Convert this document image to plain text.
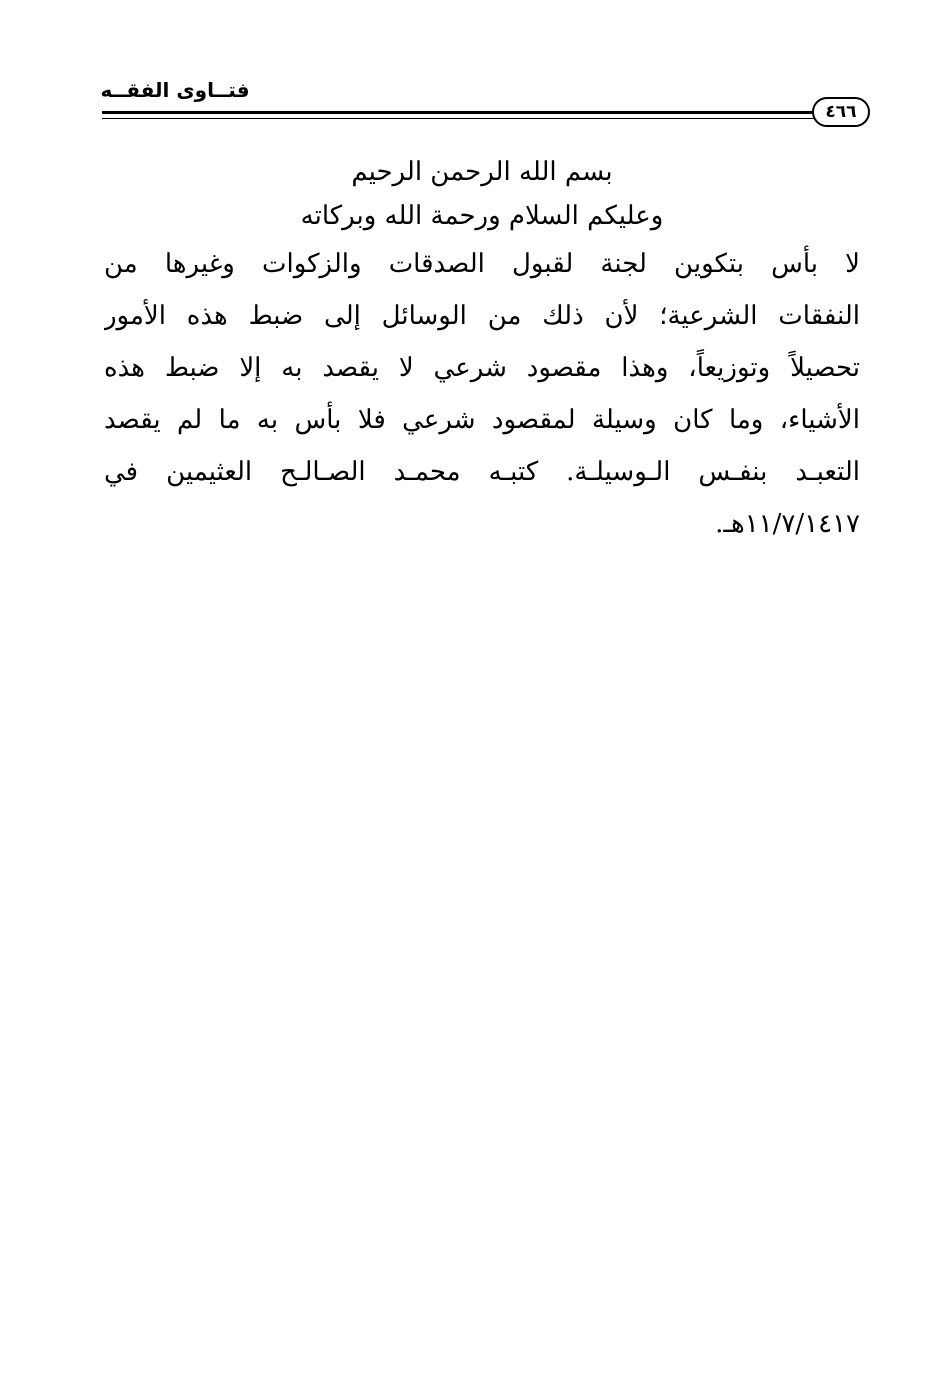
فتــاوى الفقــه
٤٦٦
بسم الله الرحمن الرحيم
وعليكم السلام ورحمة الله وبركاته
لا بأس بتكوين لجنة لقبول الصدقات والزكوات وغيرها من
النفقات الشرعية؛ لأن ذلك من الوسائل إلى ضبط هذه الأمور
تحصيلاً وتوزيعاً، وهذا مقصود شرعي لا يقصد به إلا ضبط هذه
الأشياء، وما كان وسيلة لمقصود شرعي فلا بأس به ما لم يقصد
التعبـد بنفـس الـوسيلـة. كتبـه محمـد الصـالـح العثيمين في
١١/٧/١٤١٧هـ.
